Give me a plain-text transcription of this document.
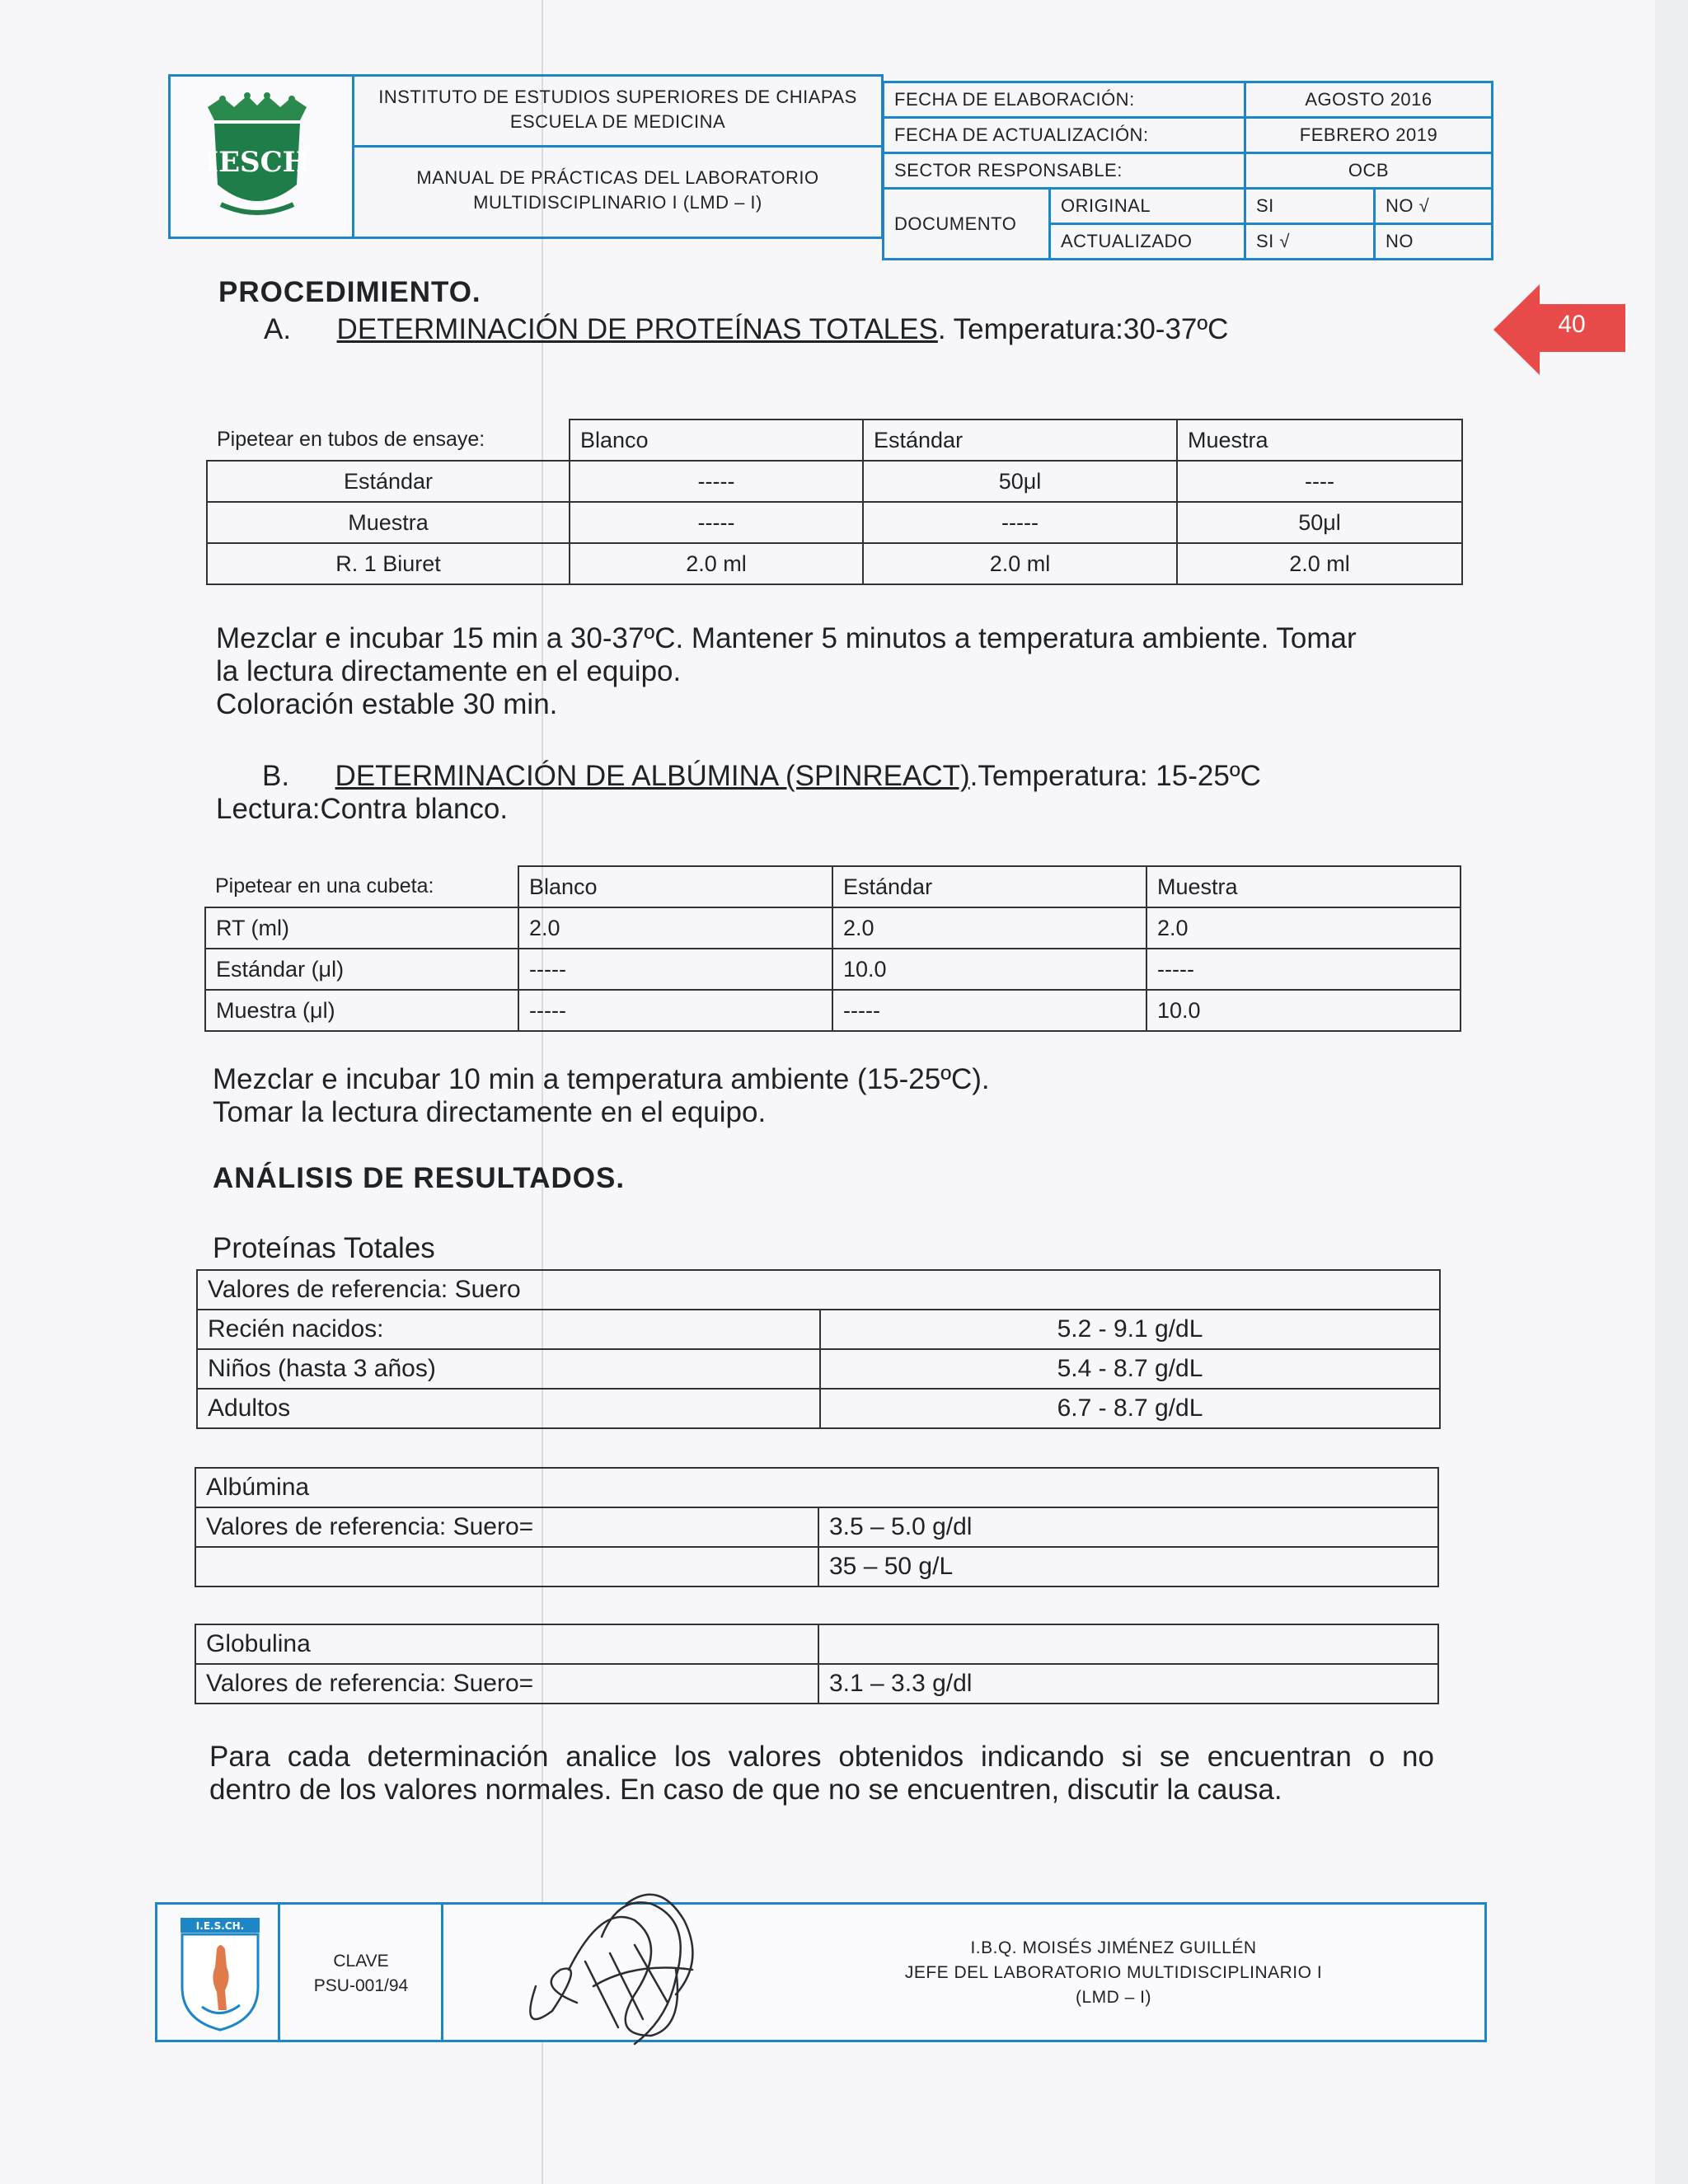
IESCH
INSTITUTO DE ESTUDIOS SUPERIORES DE CHIAPAS
ESCUELA DE MEDICINA
MANUAL DE PRÁCTICAS DEL LABORATORIO
MULTIDISCIPLINARIO I (LMD – I)
FECHA DE ELABORACIÓN:		AGOSTO 2016	
FECHA DE ACTUALIZACIÓN:		FEBRERO 2019	
SECTOR RESPONSABLE:		OCB	
DOCUMENTO	ORIGINAL	SI	NO √
	ACTUALIZADO	SI √	NO
40
PROCEDIMIENTO.
A. DETERMINACIÓN DE PROTEÍNAS TOTALES. Temperatura:30-37ºC
Pipetear en tubos de ensaye:	Blanco	Estándar	Muestra
Estándar	-----	50μl	----
Muestra	-----	-----	50μl
R. 1 Biuret	2.0 ml	2.0 ml	2.0 ml
Mezclar e incubar 15 min a 30-37ºC. Mantener 5 minutos a temperatura ambiente. Tomar
la lectura directamente en el equipo.
Coloración estable 30 min.
B. DETERMINACIÓN DE ALBÚMINA (SPINREACT).Temperatura: 15-25ºC
Lectura:Contra blanco.
Pipetear en una cubeta:	Blanco	Estándar	Muestra
RT (ml)	2.0	2.0	2.0
Estándar (μl)	-----	10.0	-----
Muestra (μl)	-----	-----	10.0
Mezclar e incubar 10 min a temperatura ambiente (15-25ºC).
Tomar la lectura directamente en el equipo.
ANÁLISIS DE RESULTADOS.
Proteínas Totales
Valores de referencia: Suero	
Recién nacidos:	5.2 - 9.1 g/dL
Niños (hasta 3 años)	5.4 - 8.7 g/dL
Adultos	6.7 - 8.7 g/dL
Albúmina	
Valores de referencia: Suero=	3.5 – 5.0 g/dl
	35 – 50 g/L
Globulina	
Valores de referencia: Suero=	3.1 – 3.3 g/dl
Para cada determinación analice los valores obtenidos indicando si se encuentran o no
dentro de los valores normales. En caso de que no se encuentren, discutir la causa.
I.E.S.CH.
CLAVE
PSU-001/94
I.B.Q. MOISÉS JIMÉNEZ GUILLÉN
JEFE DEL LABORATORIO MULTIDISCIPLINARIO I
(LMD – I)
